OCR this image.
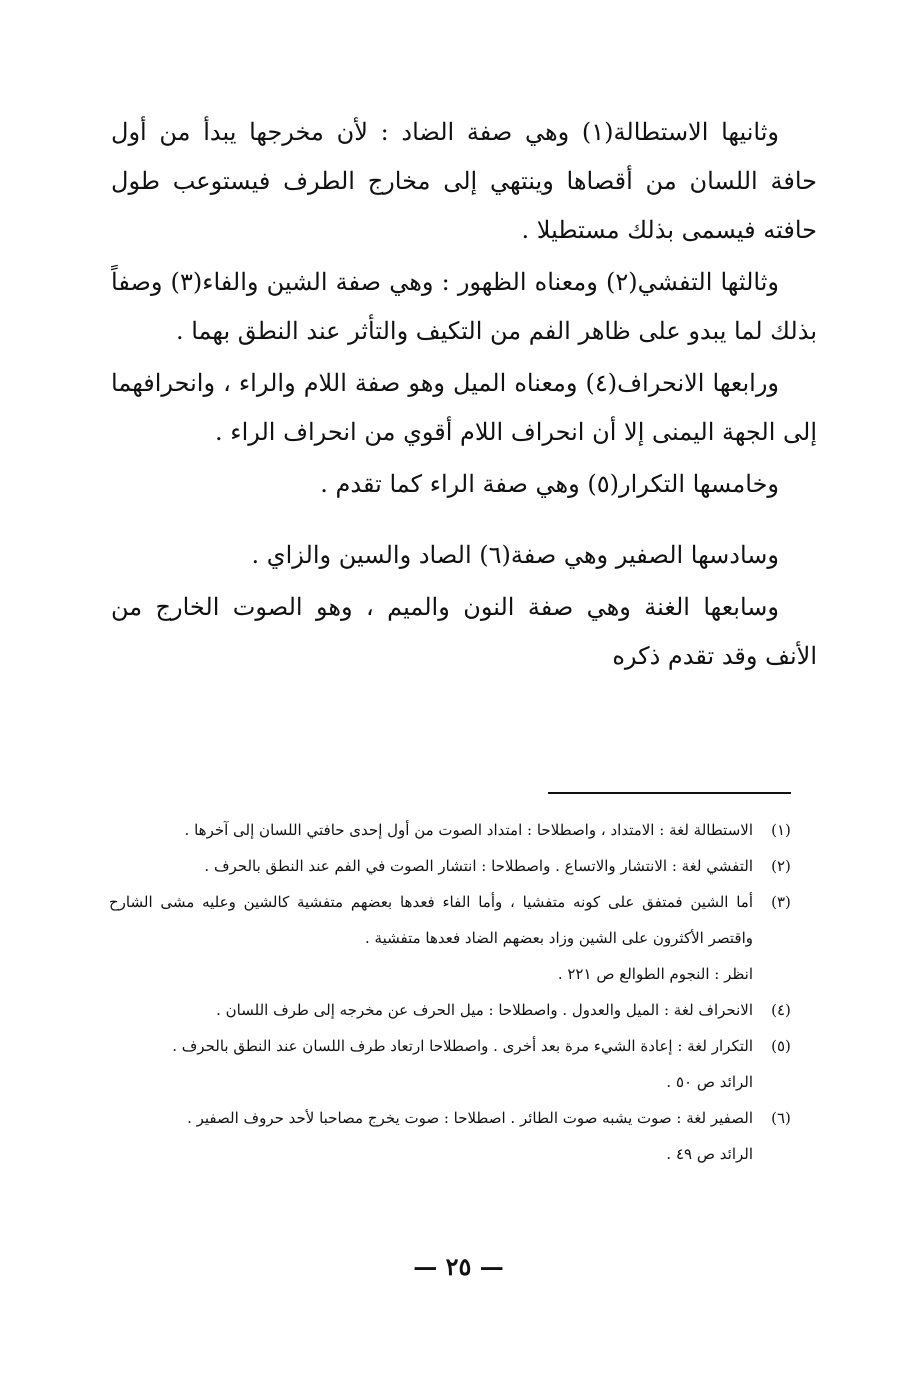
وثانيها الاستطالة(١) وهي صفة الضاد : لأن مخرجها يبدأ من أول حافة اللسان من أقصاها وينتهي إلى مخارج الطرف فيستوعب طول حافته فيسمى بذلك مستطيلا .

وثالثها التفشي(٢) ومعناه الظهور : وهي صفة الشين والفاء(٣) وصفاً بذلك لما يبدو على ظاهر الفم من التكيف والتأثر عند النطق بهما .

ورابعها الانحراف(٤) ومعناه الميل وهو صفة اللام والراء ، وانحرافهما إلى الجهة اليمنى إلا أن انحراف اللام أقوي من انحراف الراء .

وخامسها التكرار(٥) وهي صفة الراء كما تقدم .

وسادسها الصفير وهي صفة(٦) الصاد والسين والزاي .

وسابعها الغنة وهي صفة النون والميم ، وهو الصوت الخارج من الأنف وقد تقدم ذكره

(١)
الاستطالة لغة : الامتداد ، واصطلاحا : امتداد الصوت من أول إحدى حافتي اللسان إلى آخرها .
(٢)
التفشي لغة : الانتشار والاتساع . واصطلاحا : انتشار الصوت في الفم عند النطق بالحرف .
(٣)
أما الشين فمتفق على كونه متفشيا ، وأما الفاء فعدها بعضهم متفشية كالشين وعليه مشى الشارح واقتصر الأكثرون على الشين وزاد بعضهم الضاد فعدها متفشية .
انظر : النجوم الطوالع ص ٢٢١ .
(٤)
الانحراف لغة : الميل والعدول . واصطلاحا : ميل الحرف عن مخرجه إلى طرف اللسان .
(٥)
التكرار لغة : إعادة الشيء مرة بعد أخرى . واصطلاحا ارتعاد طرف اللسان عند النطق بالحرف .
الرائد ص ٥٠ .
(٦)
الصفير لغة : صوت يشبه صوت الطائر . اصطلاحا : صوت يخرج مصاحبا لأحد حروف الصفير .
الرائد ص ٤٩ .
— ٢٥ —
